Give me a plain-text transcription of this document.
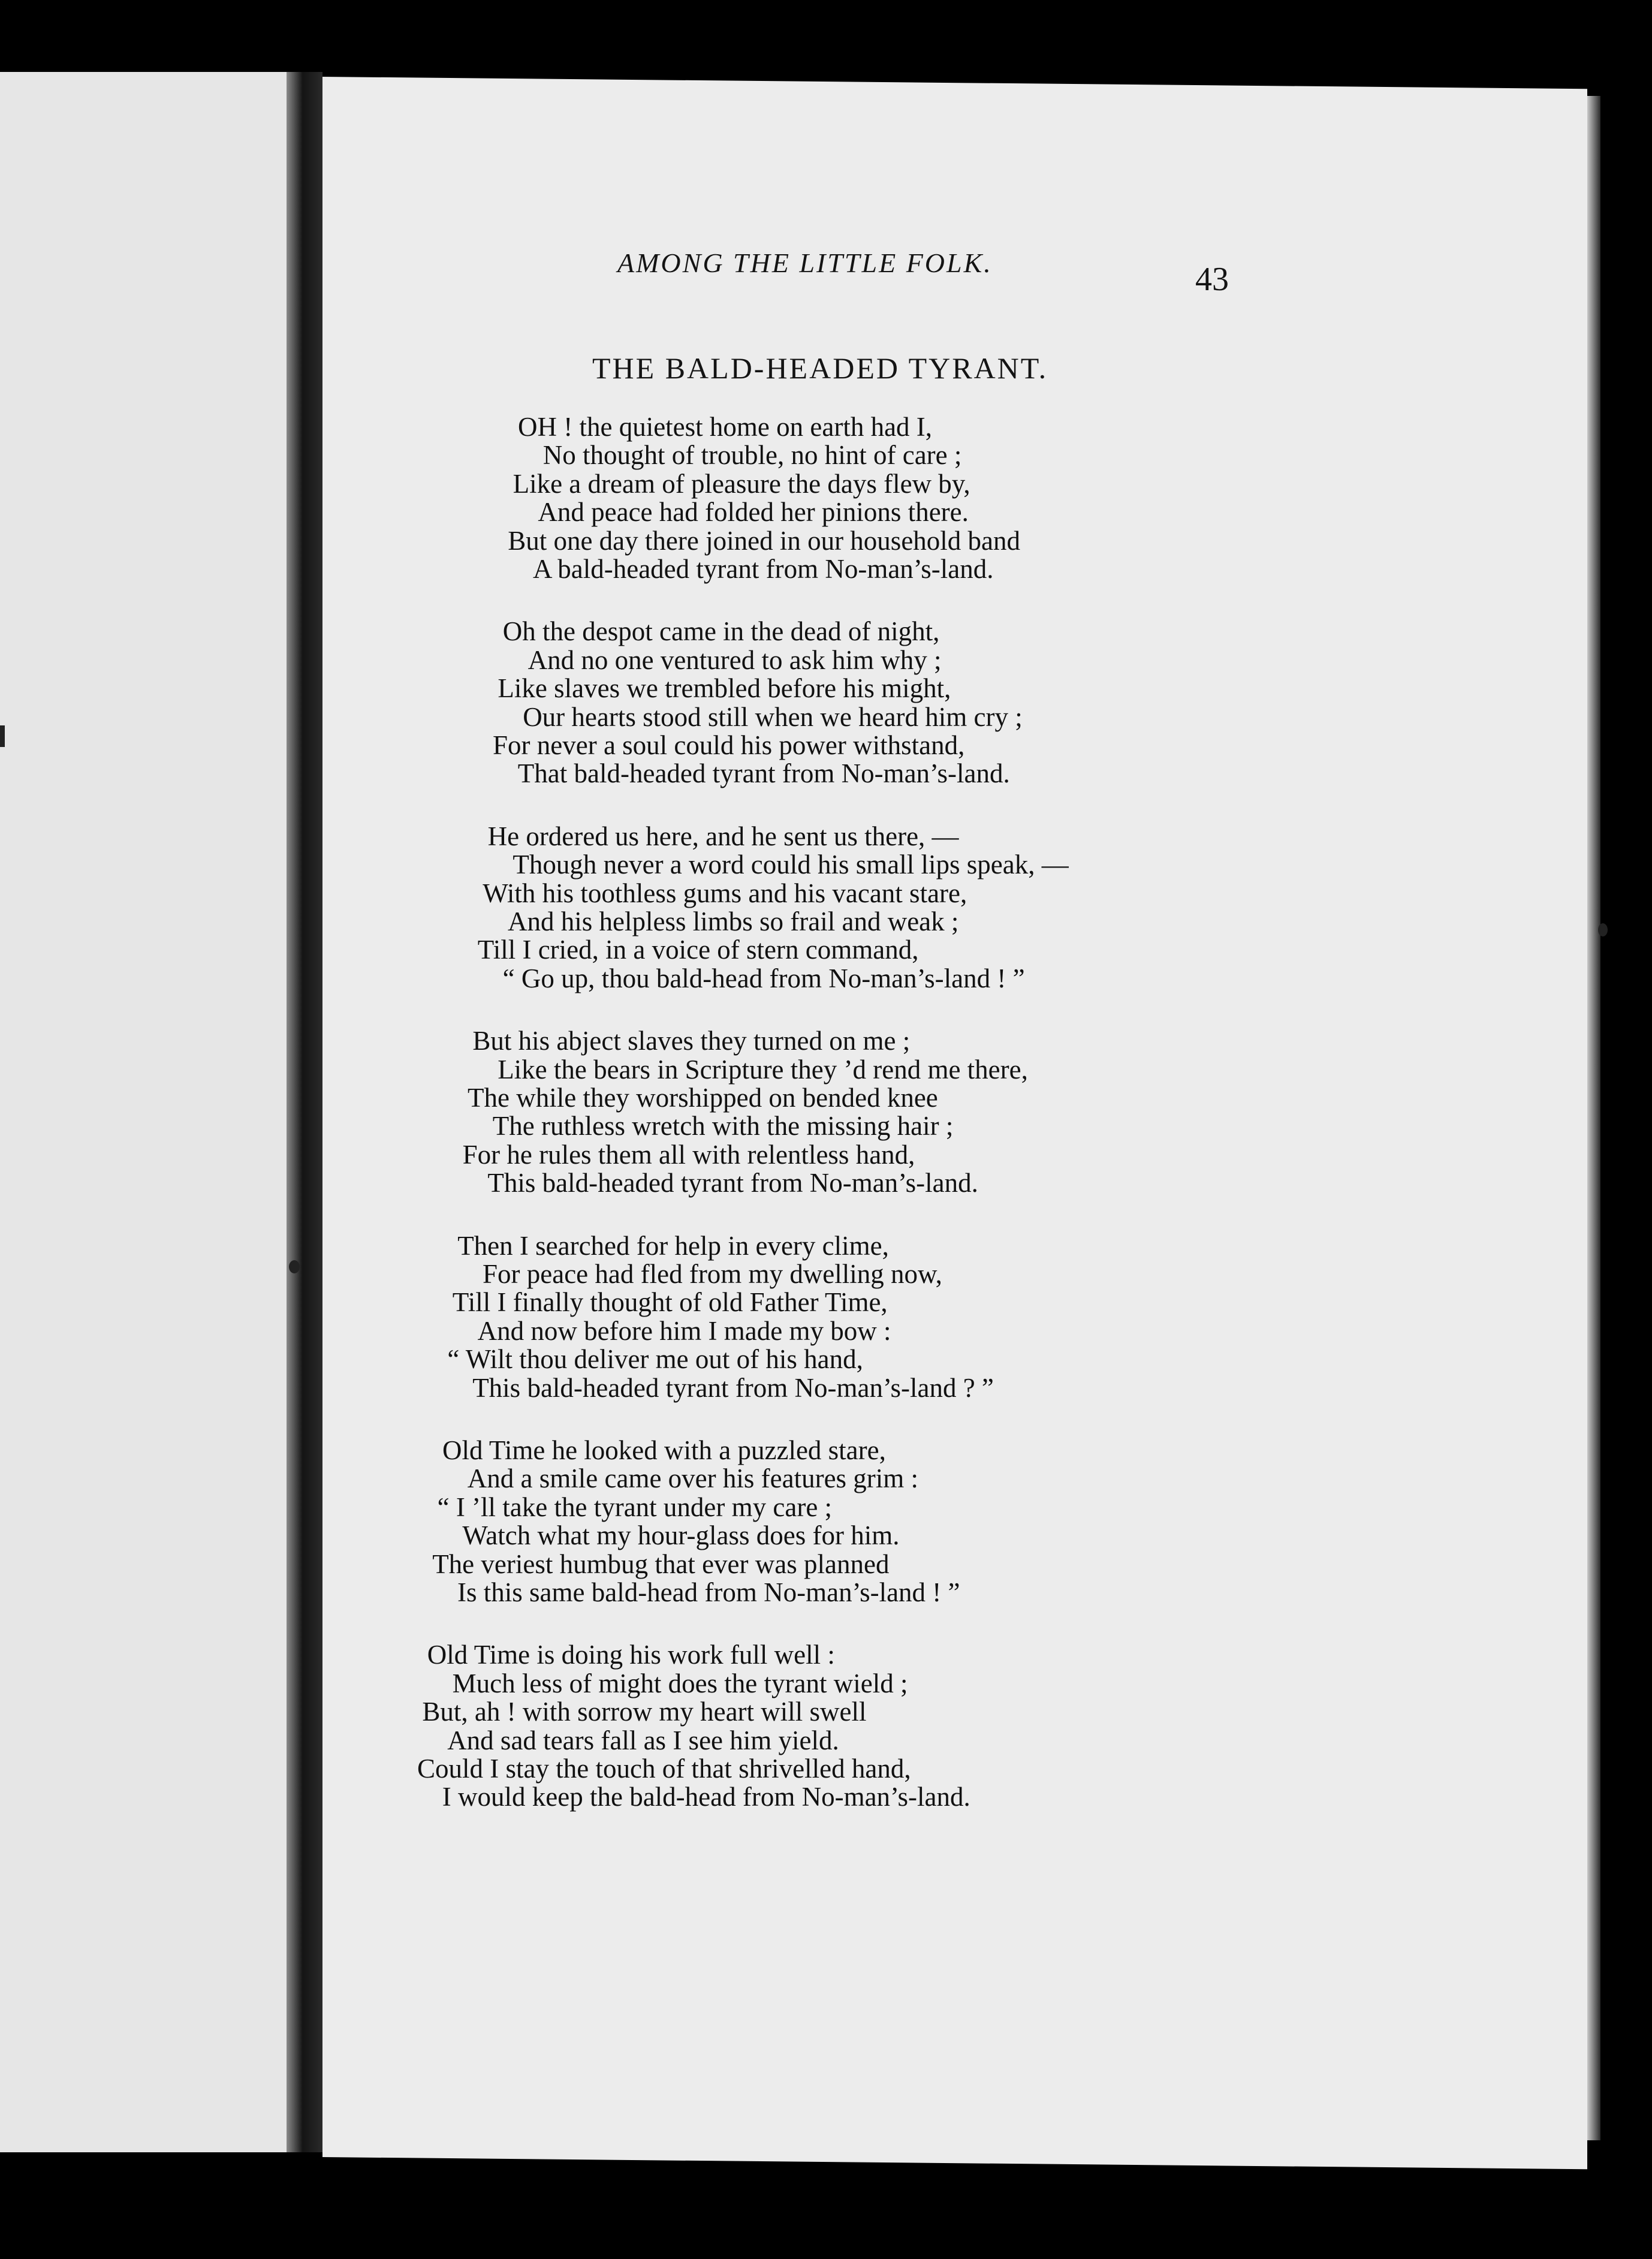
AMONG THE LITTLE FOLK.	43
THE BALD-HEADED TYRANT.
OH ! the quietest home on earth had I,
No thought of trouble, no hint of care ;
Like a dream of pleasure the days flew by,
And peace had folded her pinions there.
But one day there joined in our household band
A bald-headed tyrant from No-man’s-land.
Oh the despot came in the dead of night,
And no one ventured to ask him why ;
Like slaves we trembled before his might,
Our hearts stood still when we heard him cry ;
For never a soul could his power withstand,
That bald-headed tyrant from No-man’s-land.
He ordered us here, and he sent us there, —
Though never a word could his small lips speak, —
With his toothless gums and his vacant stare,
And his helpless limbs so frail and weak ;
Till I cried, in a voice of stern command,
“ Go up, thou bald-head from No-man’s-land ! ”
But his abject slaves they turned on me ;
Like the bears in Scripture they ’d rend me there,
The while they worshipped on bended knee
The ruthless wretch with the missing hair ;
For he rules them all with relentless hand,
This bald-headed tyrant from No-man’s-land.
Then I searched for help in every clime,
For peace had fled from my dwelling now,
Till I finally thought of old Father Time,
And now before him I made my bow :
“ Wilt thou deliver me out of his hand,
This bald-headed tyrant from No-man’s-land ? ”
Old Time he looked with a puzzled stare,
And a smile came over his features grim :
“ I ’ll take the tyrant under my care ;
Watch what my hour-glass does for him.
The veriest humbug that ever was planned
Is this same bald-head from No-man’s-land ! ”
Old Time is doing his work full well :
Much less of might does the tyrant wield ;
But, ah ! with sorrow my heart will swell
And sad tears fall as I see him yield.
Could I stay the touch of that shrivelled hand,
I would keep the bald-head from No-man’s-land.
